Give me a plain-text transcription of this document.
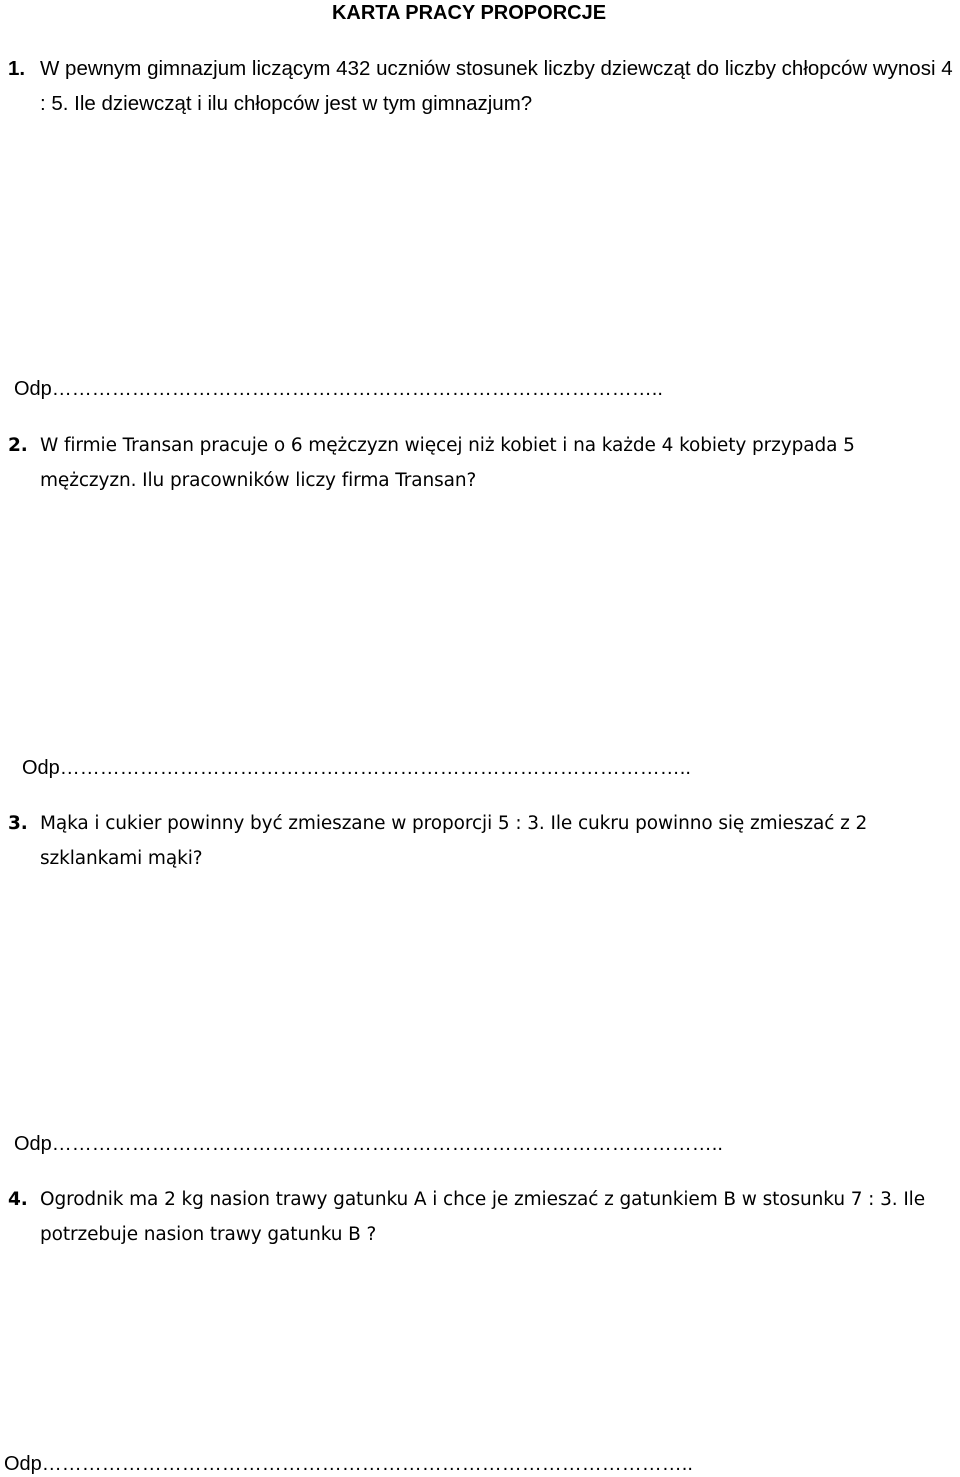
KARTA PRACY PROPORCJE
1. W pewnym gimnazjum liczącym 432 uczniów stosunek liczby dziewcząt do liczby chłopców wynosi 4 : 5. Ile dziewcząt i ilu chłopców jest w tym gimnazjum?
Odp………………………………………………………………………………..
2. W firmie Transan pracuje o 6 mężczyzn więcej niż kobiet i na każde 4 kobiety przypada 5 mężczyzn. Ilu pracowników liczy firma Transan?
Odp…………………………………………………………………………………..
3. Mąka i cukier powinny być zmieszane w proporcji 5 : 3. Ile cukru powinno się zmieszać z 2 szklankami mąki?
Odp………………………………………………………………………………………..
4. Ogrodnik ma 2 kg nasion trawy gatunku A i chce je zmieszać z gatunkiem B w stosunku 7 : 3. Ile potrzebuje nasion trawy gatunku B ?
Odp……………………………………………………………………………………..
